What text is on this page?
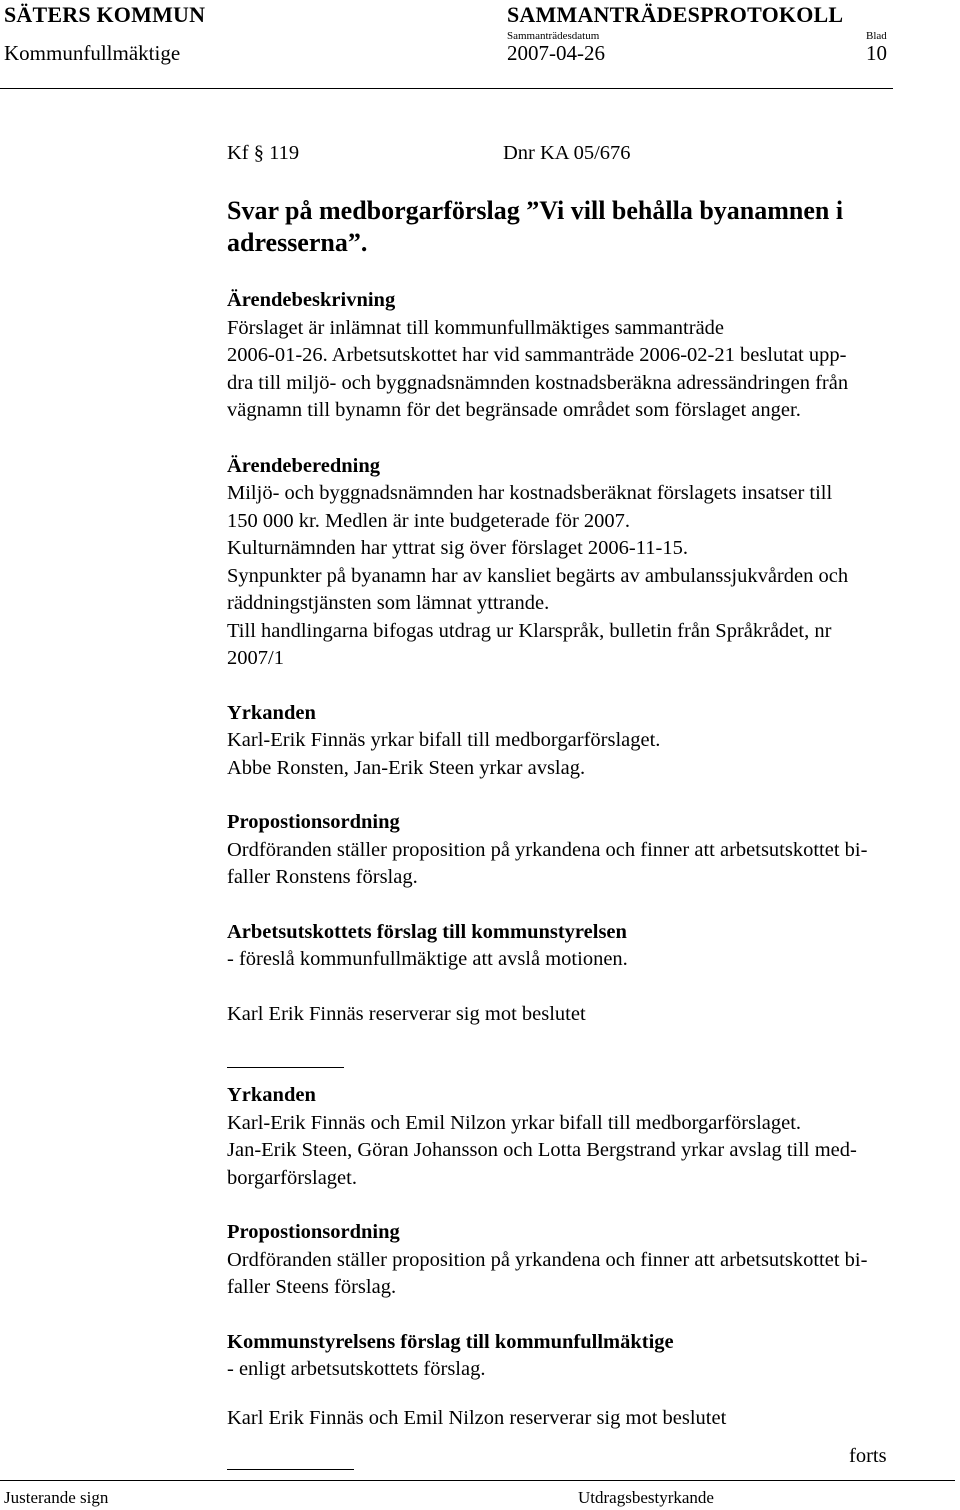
SÄTERS KOMMUN	SAMMANTRÄDESPROTOKOLL
Sammanträdesdatum	Blad
Kommunfullmäktige	2007-04-26	10
Kf § 119	Dnr KA 05/676
Svar på medborgarförslag ”Vi vill behålla byanamnen i
adresserna”.
Ärendebeskrivning
Förslaget är inlämnat till kommunfullmäktiges sammanträde
2006-01-26. Arbetsutskottet har vid sammanträde 2006-02-21 beslutat upp-
dra till miljö- och byggnadsnämnden kostnadsberäkna adressändringen från
vägnamn till bynamn för det begränsade området som förslaget anger.
Ärendeberedning
Miljö- och byggnadsnämnden har kostnadsberäknat förslagets insatser till
150 000 kr. Medlen är inte budgeterade för 2007.
Kulturnämnden har yttrat sig över förslaget 2006-11-15.
Synpunkter på byanamn har av kansliet begärts av ambulanssjukvården och
räddningstjänsten som lämnat yttrande.
Till handlingarna bifogas utdrag ur Klarspråk, bulletin från Språkrådet, nr
2007/1
Yrkanden
Karl-Erik Finnäs yrkar bifall till medborgarförslaget.
Abbe Ronsten, Jan-Erik Steen yrkar avslag.
Propostionsordning
Ordföranden ställer proposition på yrkandena och finner att arbetsutskottet bi-
faller Ronstens förslag.
Arbetsutskottets förslag till kommunstyrelsen
- föreslå kommunfullmäktige att avslå motionen.
Karl Erik Finnäs reserverar sig mot beslutet
Yrkanden
Karl-Erik Finnäs och Emil Nilzon yrkar bifall till medborgarförslaget.
Jan-Erik Steen, Göran Johansson och Lotta Bergstrand yrkar avslag till med-
borgarförslaget.
Propostionsordning
Ordföranden ställer proposition på yrkandena och finner att arbetsutskottet bi-
faller Steens förslag.
Kommunstyrelsens förslag till kommunfullmäktige
- enligt arbetsutskottets förslag.
Karl Erik Finnäs och Emil Nilzon reserverar sig mot beslutet
forts
Justerande sign	Utdragsbestyrkande
